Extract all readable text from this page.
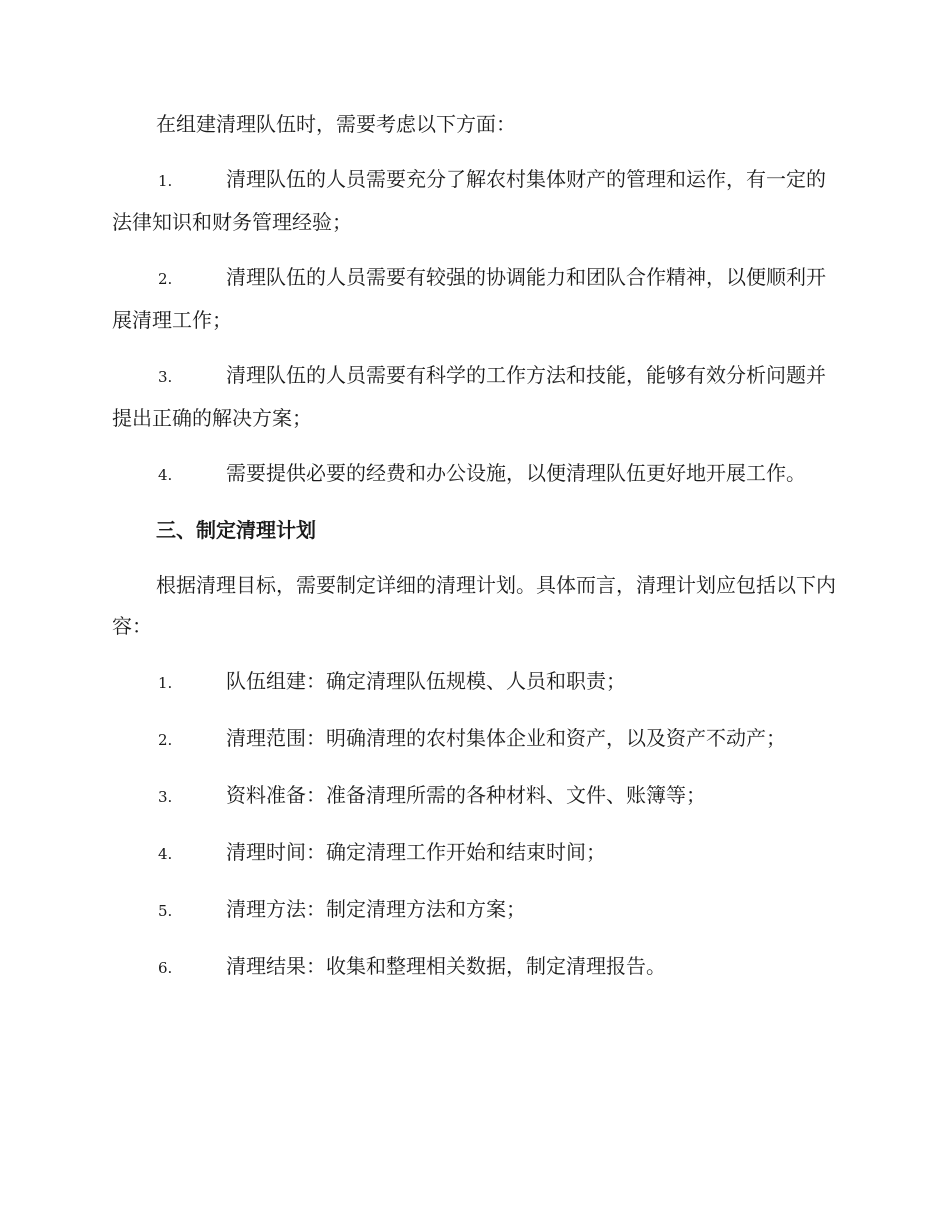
在组建清理队伍时，需要考虑以下方面：

1.	清理队伍的人员需要充分了解农村集体财产的管理和运作，有一定的法律知识和财务管理经验；

2.	清理队伍的人员需要有较强的协调能力和团队合作精神，以便顺利开展清理工作；

3.	清理队伍的人员需要有科学的工作方法和技能，能够有效分析问题并提出正确的解决方案；

4.	需要提供必要的经费和办公设施，以便清理队伍更好地开展工作。

三、制定清理计划

根据清理目标，需要制定详细的清理计划。具体而言，清理计划应包括以下内容：

1.	队伍组建：确定清理队伍规模、人员和职责；

2.	清理范围：明确清理的农村集体企业和资产，以及资产不动产；

3.	资料准备：准备清理所需的各种材料、文件、账簿等；

4.	清理时间：确定清理工作开始和结束时间；

5.	清理方法：制定清理方法和方案；

6.	清理结果：收集和整理相关数据，制定清理报告。
